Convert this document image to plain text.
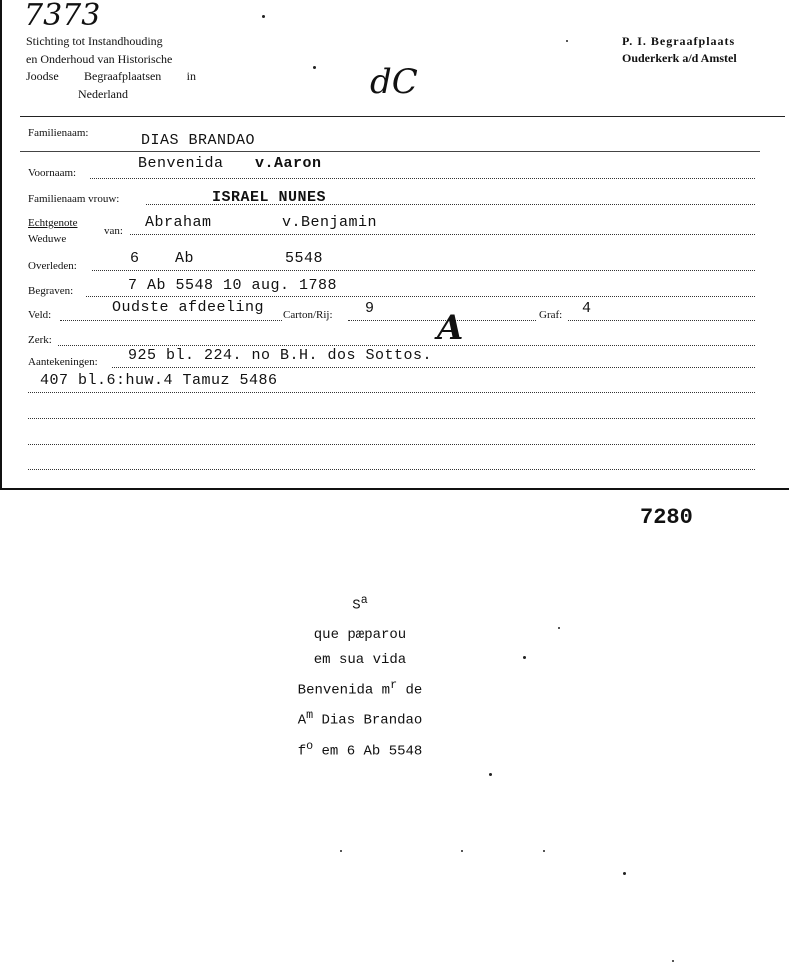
7373
Stichting tot Instandhouding
en Onderhoud van Historische
Joodse Begraafplaatsen in
Nederland
P. I. Begraafplaats
Ouderkerk a/d Amstel
dC
Familienaam:	DIAS BRANDAO
Voornaam:
Benvenida v.Aaron
Familienaam vrouw:	ISRAEL NUNES
Echtgenote
Weduwe
van: Abraham	v.Benjamin
Overleden:	6 Ab	5548
Begraven:	7 Ab 5548 10 aug. 1788
Veld:	Oudste afdeeling Carton/Rij: 9	Graf: 4
Zerk:	A
Aantekeningen: 925 bl. 224. no B.H. dos Sottos.
407 bl.6:huw.4 Tamuz 5486
7280
$S^a$
que pæparou
em sua vida
Benvenida $m^r$ de
$A^m$ Dias Brandao
$f^o$ em 6 Ab 5548
